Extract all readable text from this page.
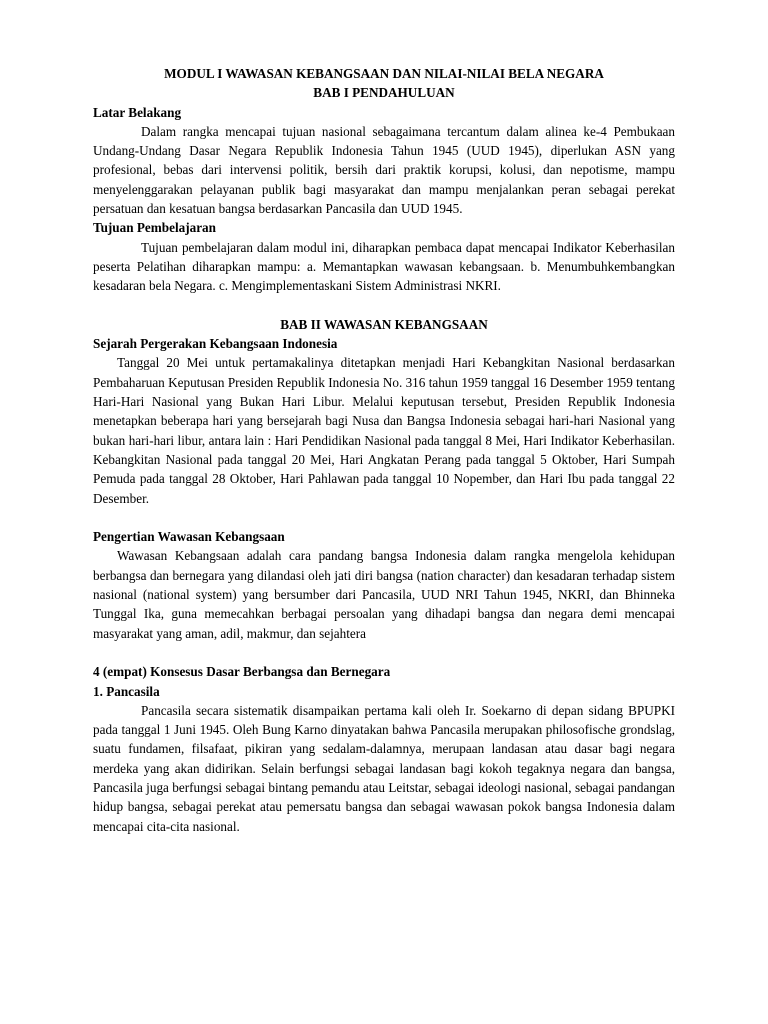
MODUL I WAWASAN KEBANGSAAN DAN NILAI-NILAI BELA NEGARA
BAB I PENDAHULUAN
Latar Belakang

Dalam rangka mencapai tujuan nasional sebagaimana tercantum dalam alinea ke-4 Pembukaan Undang-Undang Dasar Negara Republik Indonesia Tahun 1945 (UUD 1945), diperlukan ASN yang profesional, bebas dari intervensi politik, bersih dari praktik korupsi, kolusi, dan nepotisme, mampu menyelenggarakan pelayanan publik bagi masyarakat dan mampu menjalankan peran sebagai perekat persatuan dan kesatuan bangsa berdasarkan Pancasila dan UUD 1945.

Tujuan Pembelajaran

Tujuan pembelajaran dalam modul ini, diharapkan pembaca dapat mencapai Indikator Keberhasilan peserta Pelatihan diharapkan mampu: a. Memantapkan wawasan kebangsaan. b. Menumbuhkembangkan kesadaran bela Negara. c. Mengimplementaskani Sistem Administrasi NKRI.

BAB II WAWASAN KEBANGSAAN
Sejarah Pergerakan Kebangsaan Indonesia

Tanggal 20 Mei untuk pertamakalinya ditetapkan menjadi Hari Kebangkitan Nasional berdasarkan Pembaharuan Keputusan Presiden Republik Indonesia No. 316 tahun 1959 tanggal 16 Desember 1959 tentang Hari-Hari Nasional yang Bukan Hari Libur. Melalui keputusan tersebut, Presiden Republik Indonesia menetapkan beberapa hari yang bersejarah bagi Nusa dan Bangsa Indonesia sebagai hari-hari Nasional yang bukan hari-hari libur, antara lain : Hari Pendidikan Nasional pada tanggal 8 Mei, Hari Indikator Keberhasilan. Kebangkitan Nasional pada tanggal 20 Mei, Hari Angkatan Perang pada tanggal 5 Oktober, Hari Sumpah Pemuda pada tanggal 28 Oktober, Hari Pahlawan pada tanggal 10 Nopember, dan Hari Ibu pada tanggal 22 Desember.

Pengertian Wawasan Kebangsaan

Wawasan Kebangsaan adalah cara pandang bangsa Indonesia dalam rangka mengelola kehidupan berbangsa dan bernegara yang dilandasi oleh jati diri bangsa (nation character) dan kesadaran terhadap sistem nasional (national system) yang bersumber dari Pancasila, UUD NRI Tahun 1945, NKRI, dan Bhinneka Tunggal Ika, guna memecahkan berbagai persoalan yang dihadapi bangsa dan negara demi mencapai masyarakat yang aman, adil, makmur, dan sejahtera

4 (empat) Konsesus Dasar Berbangsa dan Bernegara
1. Pancasila

Pancasila secara sistematik disampaikan pertama kali oleh Ir. Soekarno di depan sidang BPUPKI pada tanggal 1 Juni 1945. Oleh Bung Karno dinyatakan bahwa Pancasila merupakan philosofische grondslag, suatu fundamen, filsafaat, pikiran yang sedalam-dalamnya, merupaan landasan atau dasar bagi negara merdeka yang akan didirikan. Selain berfungsi sebagai landasan bagi kokoh tegaknya negara dan bangsa, Pancasila juga berfungsi sebagai bintang pemandu atau Leitstar, sebagai ideologi nasional, sebagai pandangan hidup bangsa, sebagai perekat atau pemersatu bangsa dan sebagai wawasan pokok bangsa Indonesia dalam mencapai cita-cita nasional.
